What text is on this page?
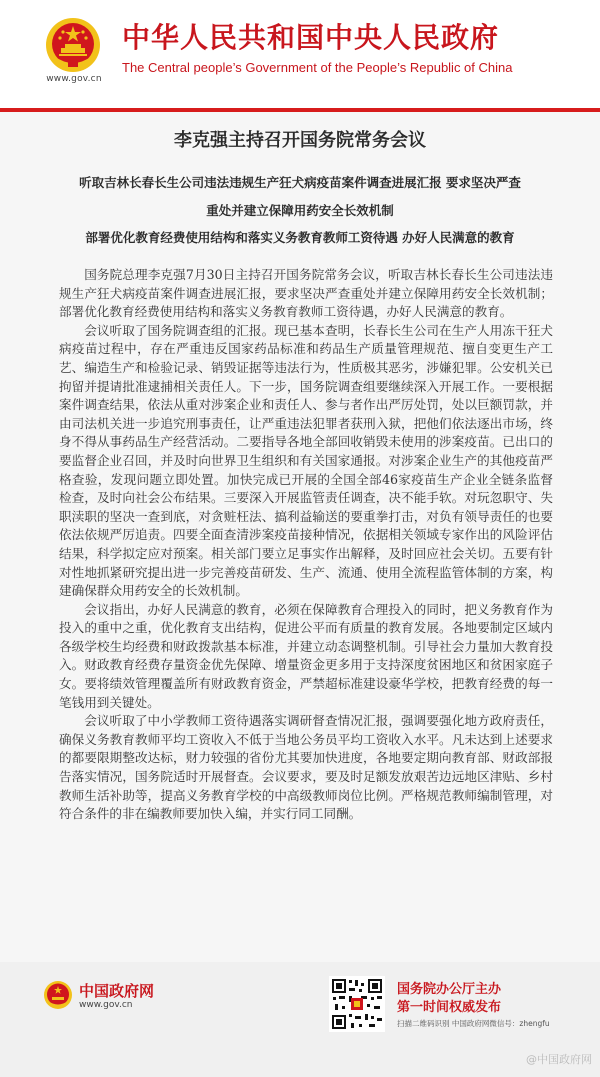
www.gov.cn
中华人民共和国中央人民政府
The Central people’s Government of the People’s Republic of China
李克强主持召开国务院常务会议
听取吉林长春长生公司违法违规生产狂犬病疫苗案件调查进展汇报 要求坚决严查
重处并建立保障用药安全长效机制
部署优化教育经费使用结构和落实义务教育教师工资待遇 办好人民满意的教育

国务院总理李克强7月30日主持召开国务院常务会议，听取吉林长春长生公司违法违规生产狂犬病疫苗案件调查进展汇报，要求坚决严查重处并建立保障用药安全长效机制；部署优化教育经费使用结构和落实义务教育教师工资待遇，办好人民满意的教育。

会议听取了国务院调查组的汇报。现已基本查明，长春长生公司在生产人用冻干狂犬病疫苗过程中，存在严重违反国家药品标准和药品生产质量管理规范、擅自变更生产工艺、编造生产和检验记录、销毁证据等违法行为，性质极其恶劣，涉嫌犯罪。公安机关已拘留并提请批准逮捕相关责任人。下一步，国务院调查组要继续深入开展工作。一要根据案件调查结果，依法从重对涉案企业和责任人、参与者作出严厉处罚，处以巨额罚款，并由司法机关进一步追究刑事责任，让严重违法犯罪者获刑入狱，把他们依法逐出市场，终身不得从事药品生产经营活动。二要指导各地全部回收销毁未使用的涉案疫苗。已出口的要监督企业召回，并及时向世界卫生组织和有关国家通报。对涉案企业生产的其他疫苗严格查验，发现问题立即处置。加快完成已开展的全国全部46家疫苗生产企业全链条监督检查，及时向社会公布结果。三要深入开展监管责任调查，决不能手软。对玩忽职守、失职渎职的坚决一查到底，对贪赃枉法、搞利益输送的要重拳打击，对负有领导责任的也要依法依规严厉追责。四要全面查清涉案疫苗接种情况，依据相关领域专家作出的风险评估结果，科学拟定应对预案。相关部门要立足事实作出解释，及时回应社会关切。五要有针对性地抓紧研究提出进一步完善疫苗研发、生产、流通、使用全流程监管体制的方案，构建确保群众用药安全的长效机制。

会议指出，办好人民满意的教育，必须在保障教育合理投入的同时，把义务教育作为投入的重中之重，优化教育支出结构，促进公平而有质量的教育发展。各地要制定区域内各级学校生均经费和财政拨款基本标准，并建立动态调整机制。引导社会力量加大教育投入。财政教育经费存量资金优先保障、增量资金更多用于支持深度贫困地区和贫困家庭子女。要将绩效管理覆盖所有财政教育资金，严禁超标准建设豪华学校，把教育经费的每一笔钱用到关键处。

会议听取了中小学教师工资待遇落实调研督查情况汇报，强调要强化地方政府责任，确保义务教育教师平均工资收入不低于当地公务员平均工资收入水平。凡未达到上述要求的都要限期整改达标，财力较强的省份尤其要加快进度，各地要定期向教育部、财政部报告落实情况，国务院适时开展督查。会议要求，要及时足额发放艰苦边远地区津贴、乡村教师生活补助等，提高义务教育学校的中高级教师岗位比例。严格规范教师编制管理，对符合条件的非在编教师要加快入编，并实行同工同酬。

中国政府网
www.gov.cn
国务院办公厅主办
第一时间权威发布
扫描二维码识别 中国政府网微信号：zhengfu
@中国政府网
